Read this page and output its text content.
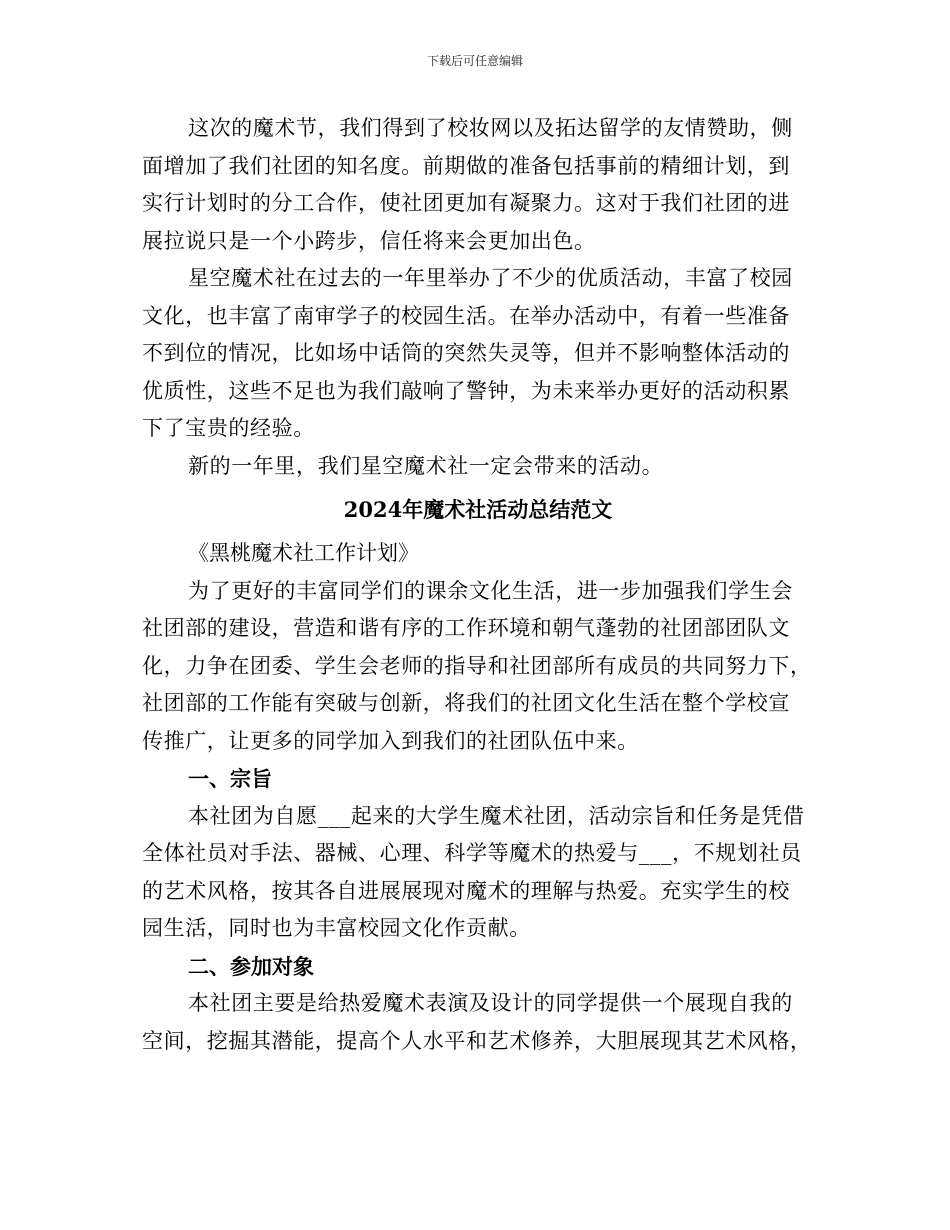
下载后可任意编辑
这次的魔术节，我们得到了校妆网以及拓达留学的友情赞助，侧
面增加了我们社团的知名度。前期做的准备包括事前的精细计划，到
实行计划时的分工合作，使社团更加有凝聚力。这对于我们社团的进
展拉说只是一个小跨步，信任将来会更加出色。
星空魔术社在过去的一年里举办了不少的优质活动，丰富了校园
文化，也丰富了南审学子的校园生活。在举办活动中，有着一些准备
不到位的情况，比如场中话筒的突然失灵等，但并不影响整体活动的
优质性，这些不足也为我们敲响了警钟，为未来举办更好的活动积累
下了宝贵的经验。
新的一年里，我们星空魔术社一定会带来的活动。
2024年魔术社活动总结范文
《黑桃魔术社工作计划》
为了更好的丰富同学们的课余文化生活，进一步加强我们学生会
社团部的建设，营造和谐有序的工作环境和朝气蓬勃的社团部团队文
化，力争在团委、学生会老师的指导和社团部所有成员的共同努力下，
社团部的工作能有突破与创新，将我们的社团文化生活在整个学校宣
传推广，让更多的同学加入到我们的社团队伍中来。
一、宗旨
本社团为自愿___起来的大学生魔术社团，活动宗旨和任务是凭借
全体社员对手法、器械、心理、科学等魔术的热爱与___，不规划社员
的艺术风格，按其各自进展展现对魔术的理解与热爱。充实学生的校
园生活，同时也为丰富校园文化作贡献。
二、参加对象
本社团主要是给热爱魔术表演及设计的同学提供一个展现自我的
空间，挖掘其潜能，提高个人水平和艺术修养，大胆展现其艺术风格，
